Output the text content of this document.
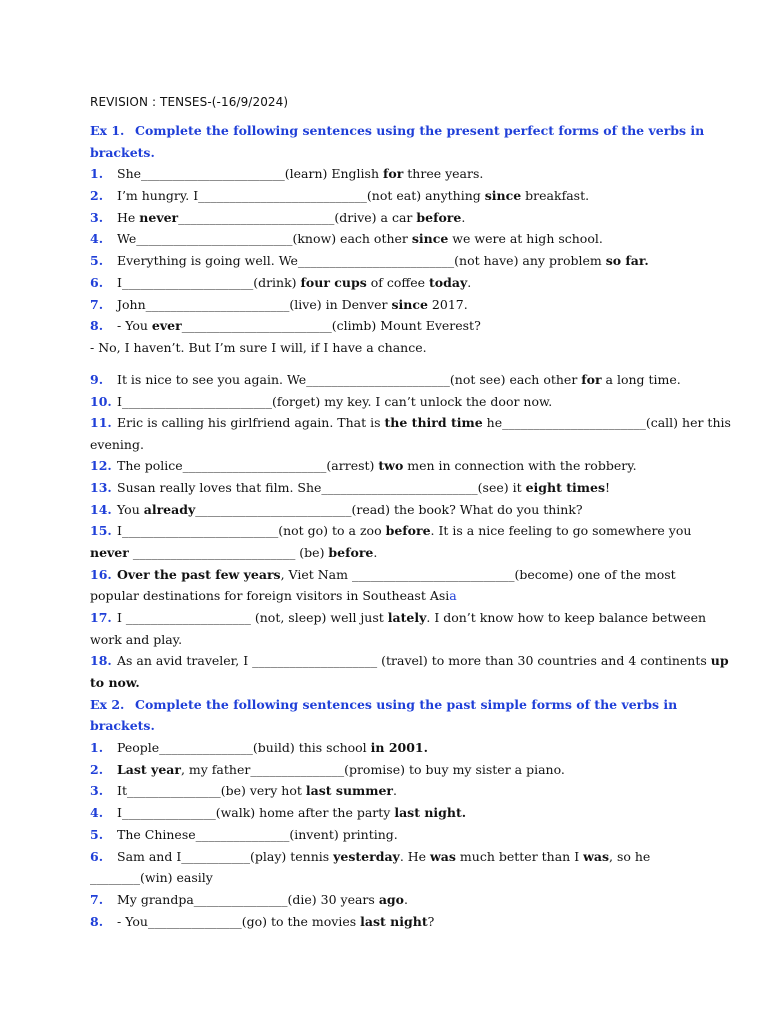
REVISION : TENSES-(-16/9/2024)
Ex 1. Complete the following sentences using the present perfect forms of the verbs in
brackets.
Ex 2. Complete the following sentences using the past simple forms of the verbs in
brackets.
1. She_______________________(learn) English for three years.
2. I’m hungry. I___________________________(not eat) anything since breakfast.
3. He never_________________________(drive) a car before.
4. We_________________________(know) each other since we were at high school.
5. Everything is going well. We_________________________(not have) any problem so far.
6. I_____________________(drink) four cups of coffee today.
7. John_______________________(live) in Denver since 2017.
8. - You ever________________________(climb) Mount Everest?
- No, I haven’t. But I’m sure I will, if I have a chance.
9. It is nice to see you again. We_______________________(not see) each other for a long time.
10. I________________________(forget) my key. I can’t unlock the door now.
11. Eric is calling his girlfriend again. That is the third time he_______________________(call) her this
evening.
12. The police_______________________(arrest) two men in connection with the robbery.
13. Susan really loves that film. She_________________________(see) it eight times!
14. You already_________________________(read) the book? What do you think?
15. I_________________________(not go) to a zoo before. It is a nice feeling to go somewhere you
never __________________________ (be) before.
16. Over the past few years, Viet Nam __________________________(become) one of the most
popular destinations for foreign visitors in Southeast Asia
17. I ____________________ (not, sleep) well just lately. I don’t know how to keep balance between
work and play.
18. As an avid traveler, I ____________________ (travel) to more than 30 countries and 4 continents up
to now.
1. People_______________(build) this school in 2001.
2. Last year, my father_______________(promise) to buy my sister a piano.
3. It_______________(be) very hot last summer.
4. I_______________(walk) home after the party last night.
5. The Chinese_______________(invent) printing.
6. Sam and I___________(play) tennis yesterday. He was much better than I was, so he
________(win) easily
7. My grandpa_______________(die) 30 years ago.
8. - You_______________(go) to the movies last night?
